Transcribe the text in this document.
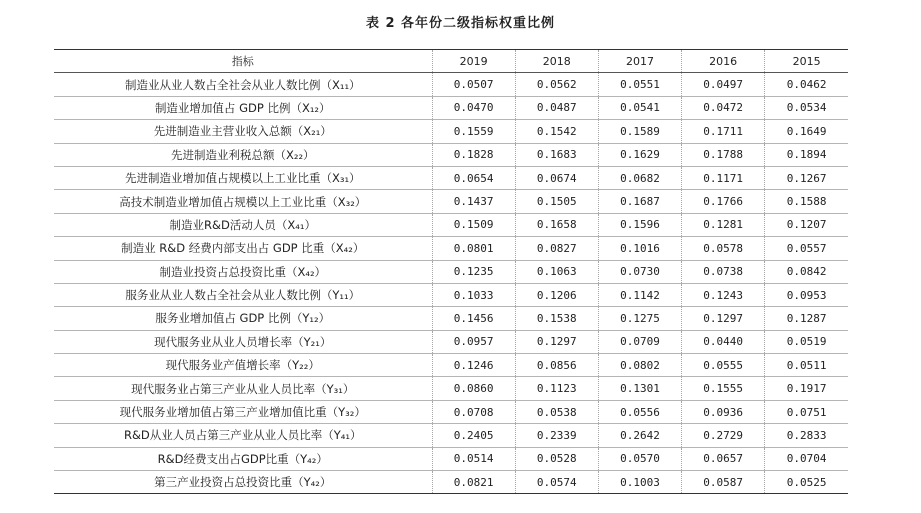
表 2 各年份二级指标权重比例
指标	2019	2018	2017	2016	2015
制造业从业人数占全社会从业人数比例（X₁₁）	0.0507	0.0562	0.0551	0.0497	0.0462
制造业增加值占 GDP 比例（X₁₂）	0.0470	0.0487	0.0541	0.0472	0.0534
先进制造业主营业收入总额（X₂₁）	0.1559	0.1542	0.1589	0.1711	0.1649
先进制造业利税总额（X₂₂）	0.1828	0.1683	0.1629	0.1788	0.1894
先进制造业增加值占规模以上工业比重（X₃₁）	0.0654	0.0674	0.0682	0.1171	0.1267
高技术制造业增加值占规模以上工业比重（X₃₂）	0.1437	0.1505	0.1687	0.1766	0.1588
制造业R&D活动人员（X₄₁）	0.1509	0.1658	0.1596	0.1281	0.1207
制造业 R&D 经费内部支出占 GDP 比重（X₄₂）	0.0801	0.0827	0.1016	0.0578	0.0557
制造业投资占总投资比重（X₄₂）	0.1235	0.1063	0.0730	0.0738	0.0842
服务业从业人数占全社会从业人数比例（Y₁₁）	0.1033	0.1206	0.1142	0.1243	0.0953
服务业增加值占 GDP 比例（Y₁₂）	0.1456	0.1538	0.1275	0.1297	0.1287
现代服务业从业人员增长率（Y₂₁）	0.0957	0.1297	0.0709	0.0440	0.0519
现代服务业产值增长率（Y₂₂）	0.1246	0.0856	0.0802	0.0555	0.0511
现代服务业占第三产业从业人员比率（Y₃₁）	0.0860	0.1123	0.1301	0.1555	0.1917
现代服务业增加值占第三产业增加值比重（Y₃₂）	0.0708	0.0538	0.0556	0.0936	0.0751
R&D从业人员占第三产业从业人员比率（Y₄₁）	0.2405	0.2339	0.2642	0.2729	0.2833
R&D经费支出占GDP比重（Y₄₂）	0.0514	0.0528	0.0570	0.0657	0.0704
第三产业投资占总投资比重（Y₄₂）	0.0821	0.0574	0.1003	0.0587	0.0525
